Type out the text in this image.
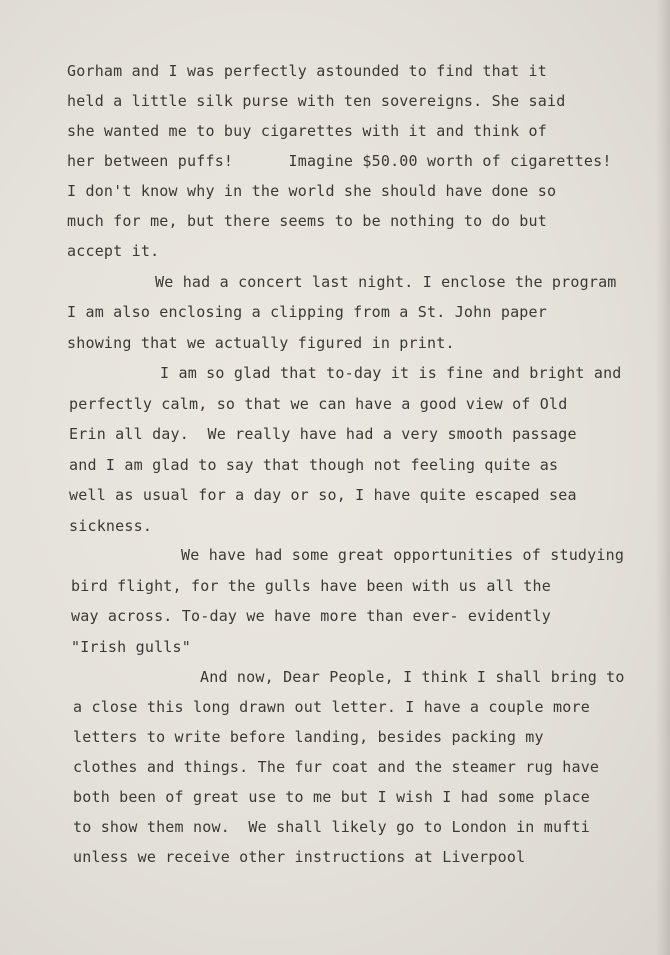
Gorham and I was perfectly astounded to find that it
held a little silk purse with ten sovereigns. She said
she wanted me to buy cigarettes with it and think of
her between puffs!      Imagine $50.00 worth of cigarettes!
I don't know why in the world she should have done so
much for me, but there seems to be nothing to do but
accept it.
We had a concert last night. I enclose the program
I am also enclosing a clipping from a St. John paper
showing that we actually figured in print.
I am so glad that to-day it is fine and bright and
perfectly calm, so that we can have a good view of Old
Erin all day.  We really have had a very smooth passage
and I am glad to say that though not feeling quite as
well as usual for a day or so, I have quite escaped sea
sickness.
We have had some great opportunities of studying
bird flight, for the gulls have been with us all the
way across. To-day we have more than ever- evidently
"Irish gulls"
And now, Dear People, I think I shall bring to
a close this long drawn out letter. I have a couple more
letters to write before landing, besides packing my
clothes and things. The fur coat and the steamer rug have
both been of great use to me but I wish I had some place
to show them now.  We shall likely go to London in mufti
unless we receive other instructions at Liverpool
